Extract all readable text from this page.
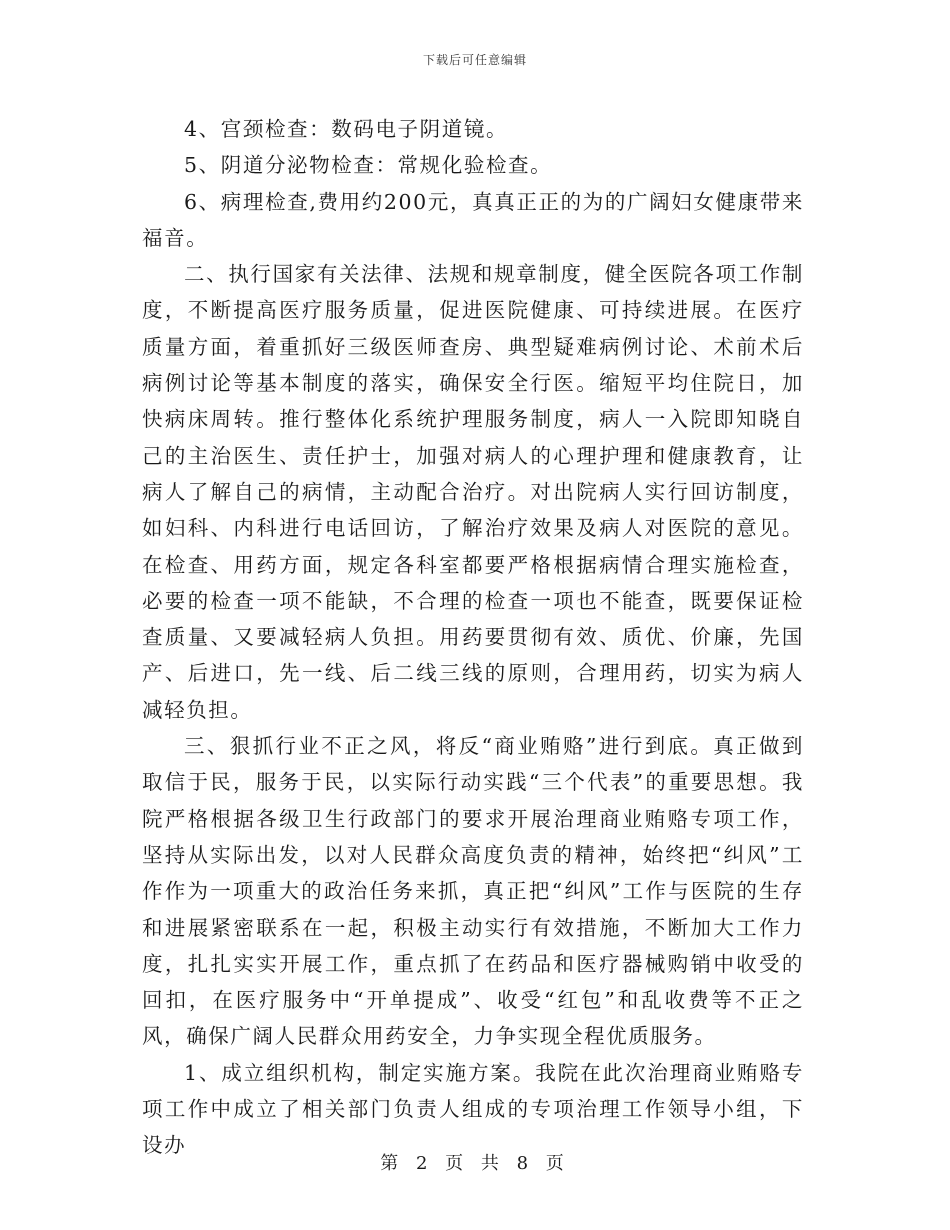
下载后可任意编辑

4、宫颈检查：数码电子阴道镜。

5、阴道分泌物检查：常规化验检查。

6、病理检查,费用约200元，真真正正的为的广阔妇女健康带来福音。

二、执行国家有关法律、法规和规章制度，健全医院各项工作制度，不断提高医疗服务质量，促进医院健康、可持续进展。在医疗质量方面，着重抓好三级医师查房、典型疑难病例讨论、术前术后病例讨论等基本制度的落实，确保安全行医。缩短平均住院日，加快病床周转。推行整体化系统护理服务制度，病人一入院即知晓自己的主治医生、责任护士，加强对病人的心理护理和健康教育，让病人了解自己的病情，主动配合治疗。对出院病人实行回访制度，如妇科、内科进行电话回访，了解治疗效果及病人对医院的意见。在检查、用药方面，规定各科室都要严格根据病情合理实施检查，必要的检查一项不能缺，不合理的检查一项也不能查，既要保证检查质量、又要减轻病人负担。用药要贯彻有效、质优、价廉，先国产、后进口，先一线、后二线三线的原则，合理用药，切实为病人减轻负担。

三、狠抓行业不正之风，将反“商业贿赂”进行到底。真正做到取信于民，服务于民，以实际行动实践“三个代表”的重要思想。我院严格根据各级卫生行政部门的要求开展治理商业贿赂专项工作，坚持从实际出发，以对人民群众高度负责的精神，始终把“纠风”工作作为一项重大的政治任务来抓，真正把“纠风”工作与医院的生存和进展紧密联系在一起，积极主动实行有效措施，不断加大工作力度，扎扎实实开展工作，重点抓了在药品和医疗器械购销中收受的回扣，在医疗服务中“开单提成”、收受“红包”和乱收费等不正之风，确保广阔人民群众用药安全，力争实现全程优质服务。

1、成立组织机构，制定实施方案。我院在此次治理商业贿赂专项工作中成立了相关部门负责人组成的专项治理工作领导小组，下设办

第 2 页 共 8 页
